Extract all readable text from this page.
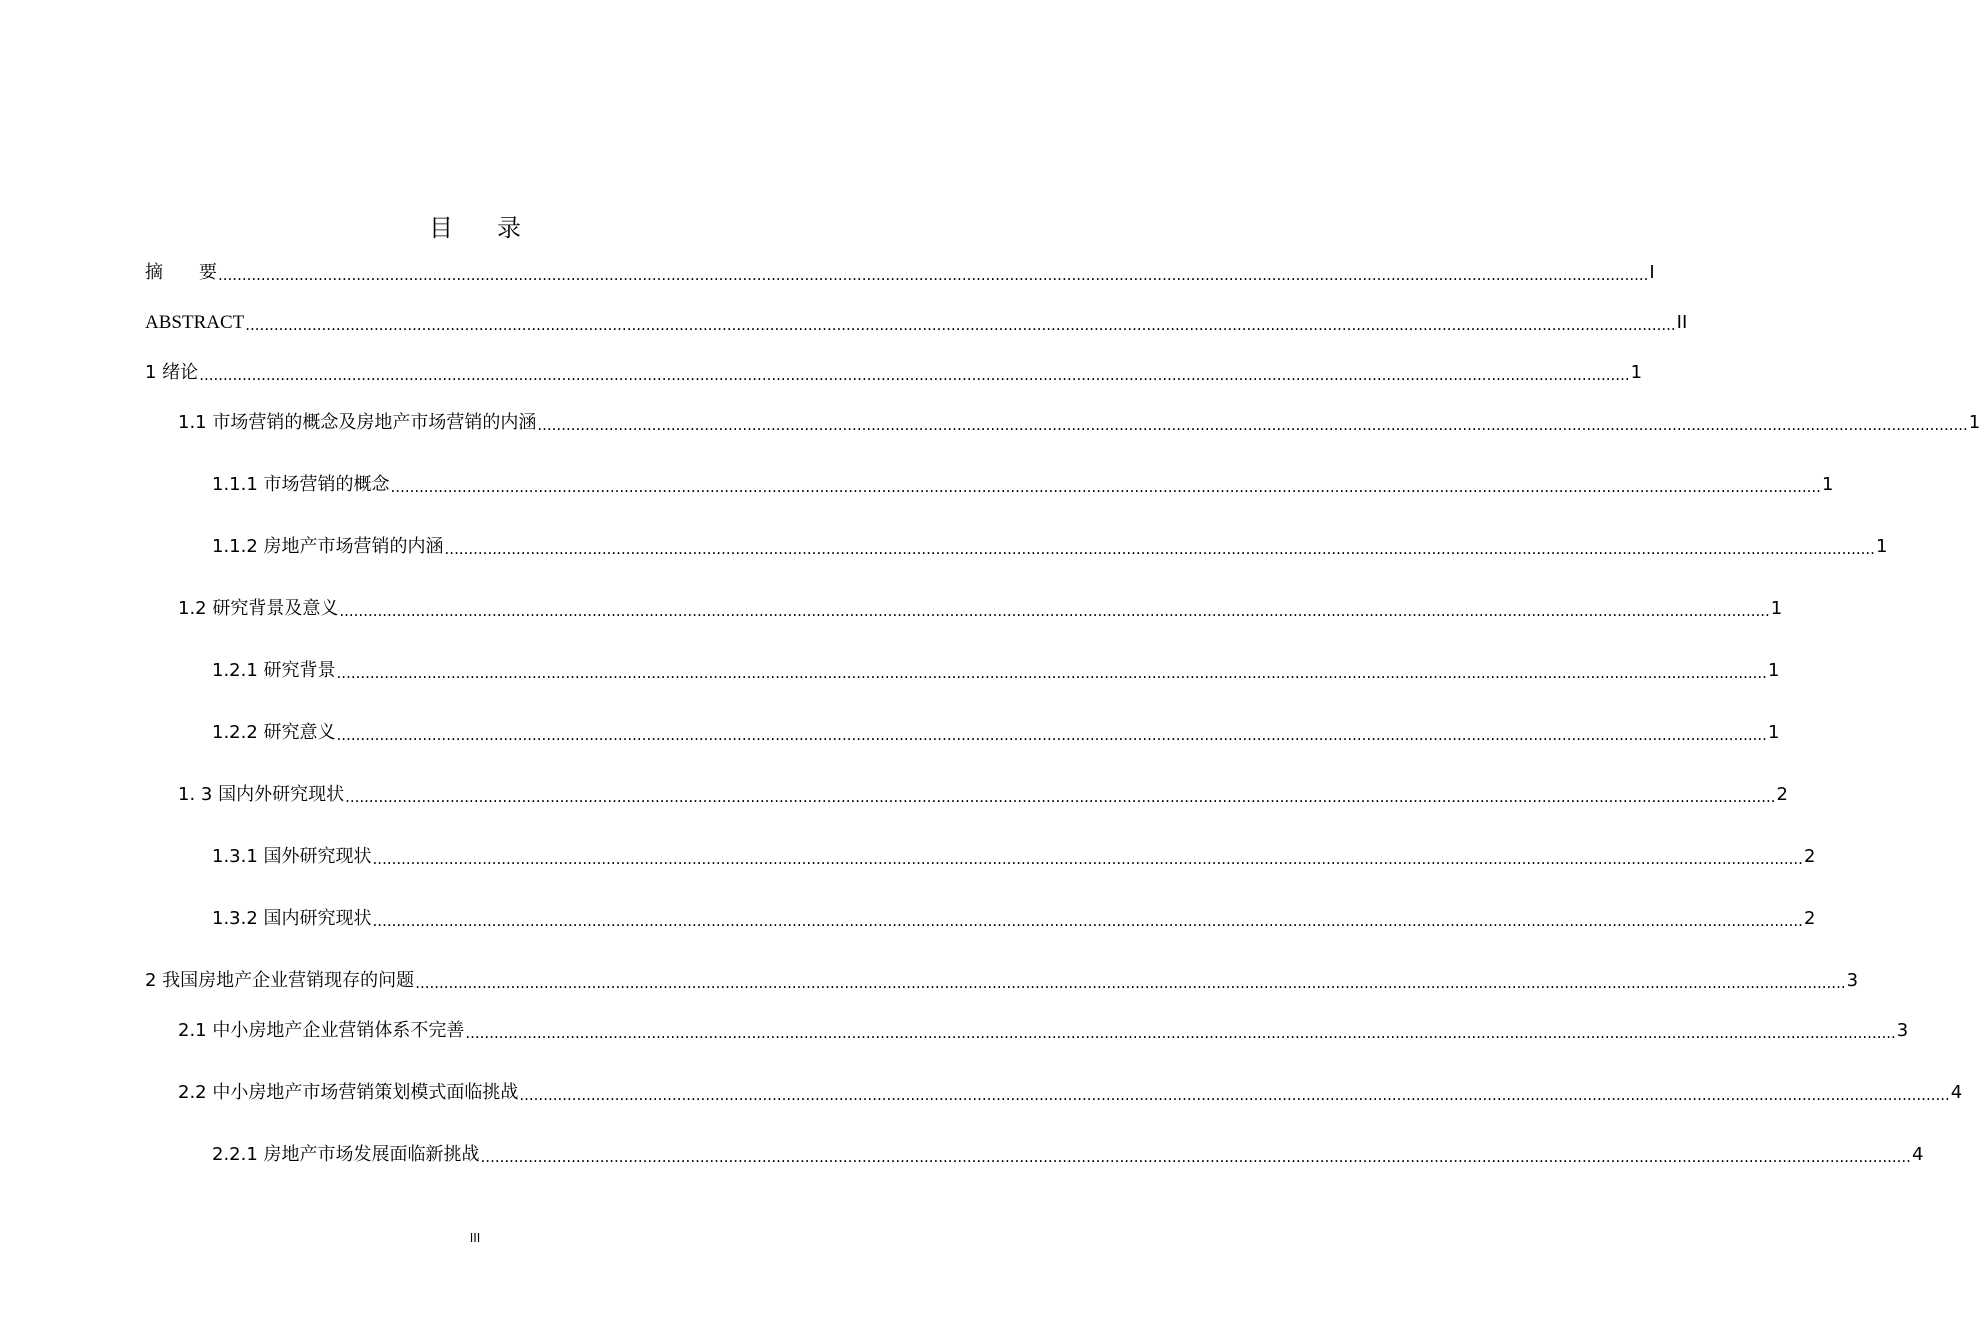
目录
摘　　要 ............................................................................................................................................................................................................................................................................................................ I
ABSTRACT ............................................................................................................................................................................................................................................................................................................ II
1 绪论 ............................................................................................................................................................................................................................................................................................................ 1
1.1 市场营销的概念及房地产市场营销的内涵 ............................................................................................................................................................................................................................................................................................................ 1
1.1.1 市场营销的概念 ............................................................................................................................................................................................................................................................................................................ 1
1.1.2 房地产市场营销的内涵 ............................................................................................................................................................................................................................................................................................................ 1
1.2 研究背景及意义 ............................................................................................................................................................................................................................................................................................................ 1
1.2.1 研究背景 ............................................................................................................................................................................................................................................................................................................ 1
1.2.2 研究意义 ............................................................................................................................................................................................................................................................................................................ 1
1. 3 国内外研究现状 ............................................................................................................................................................................................................................................................................................................ 2
1.3.1 国外研究现状 ............................................................................................................................................................................................................................................................................................................ 2
1.3.2 国内研究现状 ............................................................................................................................................................................................................................................................................................................ 2
2 我国房地产企业营销现存的问题 ............................................................................................................................................................................................................................................................................................................ 3
2.1 中小房地产企业营销体系不完善 ............................................................................................................................................................................................................................................................................................................ 3
2.2 中小房地产市场营销策划模式面临挑战 ............................................................................................................................................................................................................................................................................................................ 4
2.2.1 房地产市场发展面临新挑战 ............................................................................................................................................................................................................................................................................................................ 4
III
